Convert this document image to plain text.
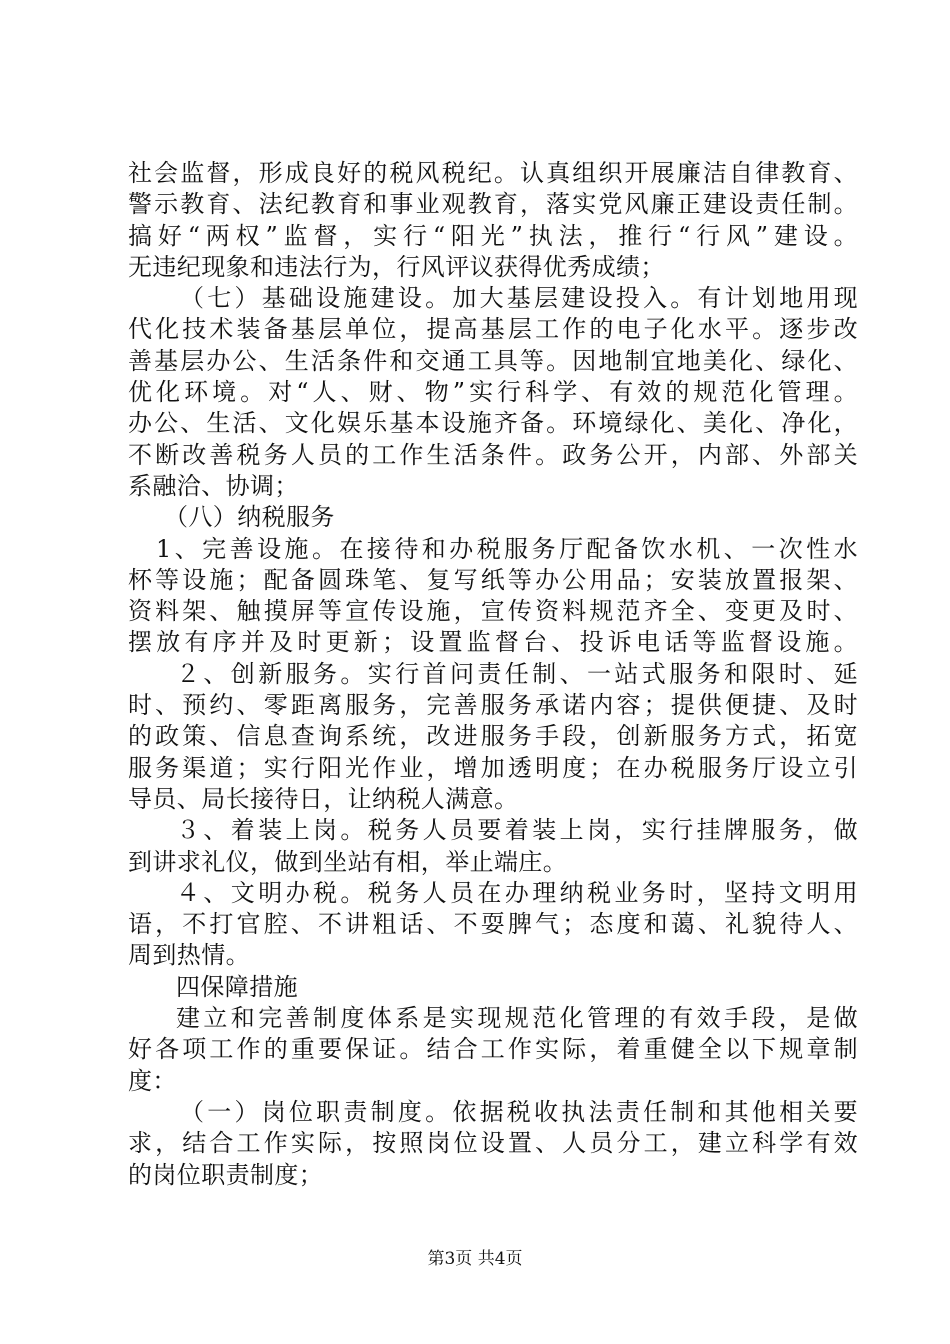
社会监督，形成良好的税风税纪。认真组织开展廉洁自律教育、
警示教育、法纪教育和事业观教育，落实党风廉正建设责任制。
搞好“两权”监督，实行“阳光”执法，推行“行风”建设。
无违纪现象和违法行为，行风评议获得优秀成绩；
（七）基础设施建设。加大基层建设投入。有计划地用现
代化技术装备基层单位，提高基层工作的电子化水平。逐步改
善基层办公、生活条件和交通工具等。因地制宜地美化、绿化、
优化环境。对“人、财、物”实行科学、有效的规范化管理。
办公、生活、文化娱乐基本设施齐备。环境绿化、美化、净化，
不断改善税务人员的工作生活条件。政务公开，内部、外部关
系融洽、协调；
（八）纳税服务
1、完善设施。在接待和办税服务厅配备饮水机、一次性水
杯等设施；配备圆珠笔、复写纸等办公用品；安装放置报架、
资料架、触摸屏等宣传设施，宣传资料规范齐全、变更及时、
摆放有序并及时更新；设置监督台、投诉电话等监督设施。
２、创新服务。实行首问责任制、一站式服务和限时、延
时、预约、零距离服务，完善服务承诺内容；提供便捷、及时
的政策、信息查询系统，改进服务手段，创新服务方式，拓宽
服务渠道；实行阳光作业，增加透明度；在办税服务厅设立引
导员、局长接待日，让纳税人满意。
３、着装上岗。税务人员要着装上岗，实行挂牌服务，做
到讲求礼仪，做到坐站有相，举止端庄。
４、文明办税。税务人员在办理纳税业务时，坚持文明用
语，不打官腔、不讲粗话、不耍脾气；态度和蔼、礼貌待人、
周到热情。
四保障措施
建立和完善制度体系是实现规范化管理的有效手段，是做
好各项工作的重要保证。结合工作实际，着重健全以下规章制
度：
（一）岗位职责制度。依据税收执法责任制和其他相关要
求，结合工作实际，按照岗位设置、人员分工，建立科学有效
的岗位职责制度；
第3页 共4页
